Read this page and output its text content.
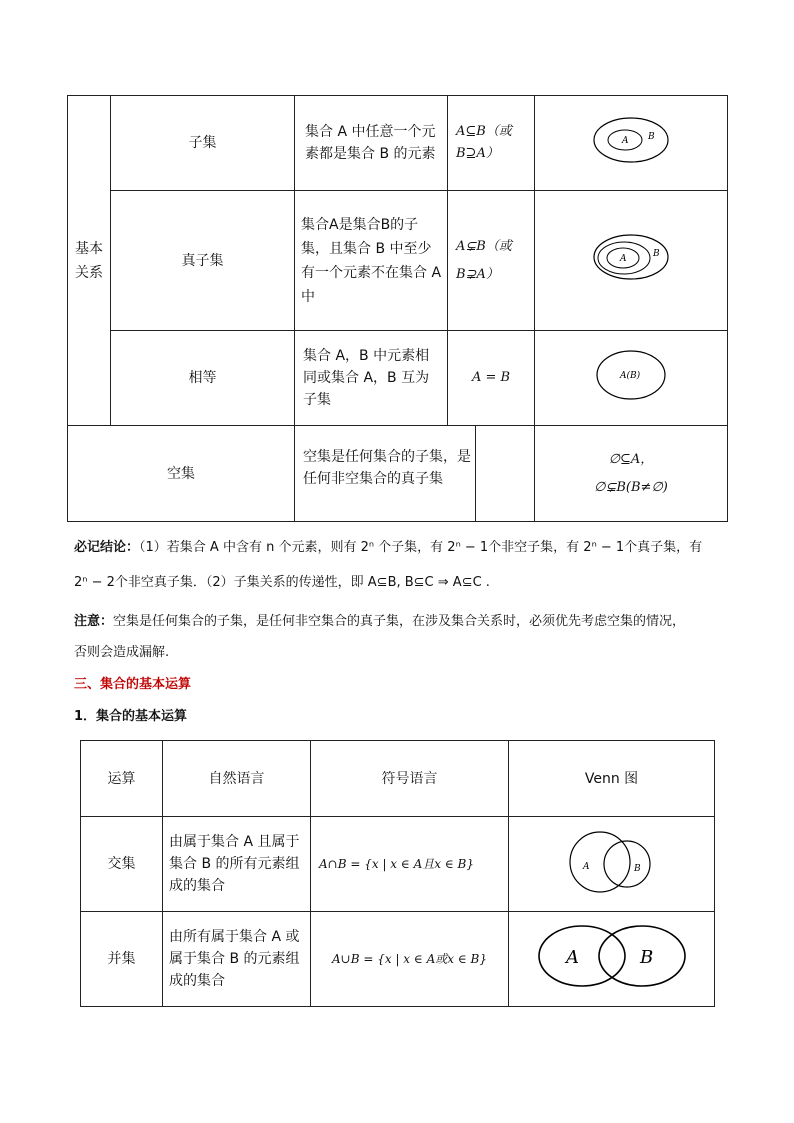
基本关系	子集	集合 A 中任意一个元素都是集合 B 的元素	A⊆B（或 B⊇A）	A B

	真子集	集合A是集合B的子集，且集合 B 中至少有一个元素不在集合 A 中	A⊊B（或 B⊋A）	A B

	相等	集合 A，B 中元素相同或集合 A，B 互为子集	A = B	A(B)

空集		空集是任何集合的子集，是任何非空集合的真子集		∅⊆A，
∅⊊B(B≠∅)
必记结论：（1）若集合 A 中含有 n 个元素，则有 2ⁿ 个子集，有 2ⁿ − 1个非空子集，有 2ⁿ − 1个真子集，有
2ⁿ − 2个非空真子集．（2）子集关系的传递性，即 A⊆B, B⊆C ⇒ A⊆C .
注意：空集是任何集合的子集，是任何非空集合的真子集，在涉及集合关系时，必须优先考虑空集的情况，
否则会造成漏解.
三、集合的基本运算
1．集合的基本运算
运算	自然语言	符号语言	Venn 图
交集	由属于集合 A 且属于集合 B 的所有元素组成的集合	A∩B = {x | x ∈ A且x ∈ B}	A B

并集	由所有属于集合 A 或属于集合 B 的元素组成的集合	A∪B = {x | x ∈ A或x ∈ B}	A B
